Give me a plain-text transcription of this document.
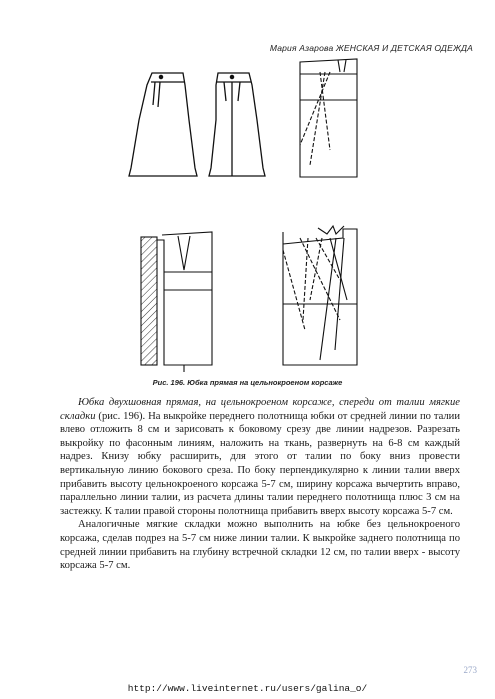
Мария Азарова ЖЕНСКАЯ И ДЕТСКАЯ ОДЕЖДА
Рис. 196. Юбка прямая на цельнокроеном корсаже

Юбка двухшовная прямая, на цельнокроеном корсаже, спереди от талии мягкие складки (рис. 196). На выкройке переднего полотнища юбки от средней линии по талии влево отложить 8 см и зарисовать к боковому срезу две линии надрезов. Разрезать выкройку по фасонным линиям, наложить на ткань, развернуть на 6-8 см каждый надрез. Книзу юбку расширить, для этого от талии по боку вниз провести вертикальную линию бокового среза. По боку перпендикулярно к линии талии вверх прибавить высоту цельнокроеного корсажа 5-7 см, ширину корсажа вычертить вправо, параллельно линии талии, из расчета длины талии переднего полотнища плюс 3 см на застежку. К талии правой стороны полотнища прибавить вверх высоту корсажа 5-7 см.

Аналогичные мягкие складки можно выполнить на юбке без цельнокроеного корсажа, сделав подрез на 5-7 см ниже линии талии. К выкройке заднего полотнища по средней линии прибавить на глубину встречной складки 12 см, по талии вверх - высоту корсажа 5-7 см.

273
http://www.liveinternet.ru/users/galina_o/
